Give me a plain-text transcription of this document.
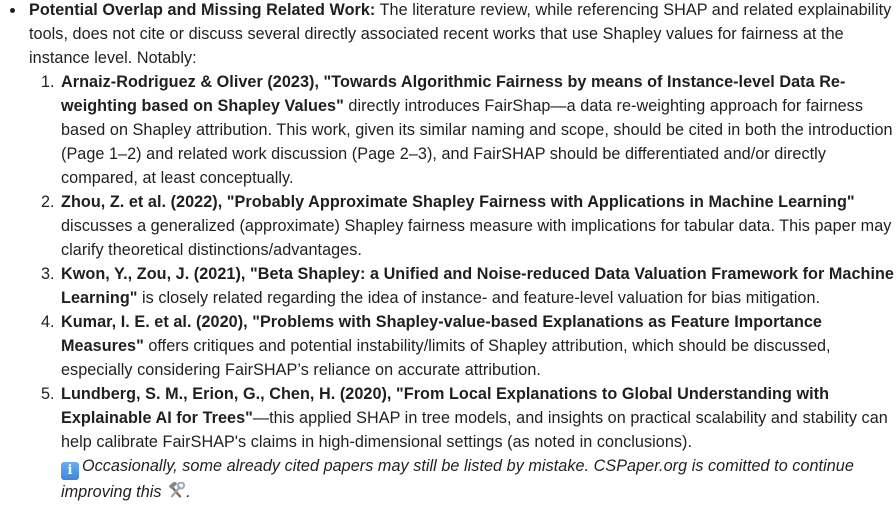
Potential Overlap and Missing Related Work: The literature review, while referencing SHAP and related explainability tools, does not cite or discuss several directly associated recent works that use Shapley values for fairness at the instance level. Notably:
1. Arnaiz-Rodriguez & Oliver (2023), "Towards Algorithmic Fairness by means of Instance-level Data Re-weighting based on Shapley Values" directly introduces FairShap—a data re-weighting approach for fairness based on Shapley attribution. This work, given its similar naming and scope, should be cited in both the introduction (Page 1–2) and related work discussion (Page 2–3), and FairSHAP should be differentiated and/or directly compared, at least conceptually.
2. Zhou, Z. et al. (2022), "Probably Approximate Shapley Fairness with Applications in Machine Learning" discusses a generalized (approximate) Shapley fairness measure with implications for tabular data. This paper may clarify theoretical distinctions/advantages.
3. Kwon, Y., Zou, J. (2021), "Beta Shapley: a Unified and Noise-reduced Data Valuation Framework for Machine Learning" is closely related regarding the idea of instance- and feature-level valuation for bias mitigation.
4. Kumar, I. E. et al. (2020), "Problems with Shapley-value-based Explanations as Feature Importance Measures" offers critiques and potential instability/limits of Shapley attribution, which should be discussed, especially considering FairSHAP’s reliance on accurate attribution.
5. Lundberg, S. M., Erion, G., Chen, H. (2020), "From Local Explanations to Global Understanding with Explainable AI for Trees"—this applied SHAP in tree models, and insights on practical scalability and stability can help calibrate FairSHAP's claims in high-dimensional settings (as noted in conclusions).
i Occasionally, some already cited papers may still be listed by mistake. CSPaper.org is comitted to continue improving this .
